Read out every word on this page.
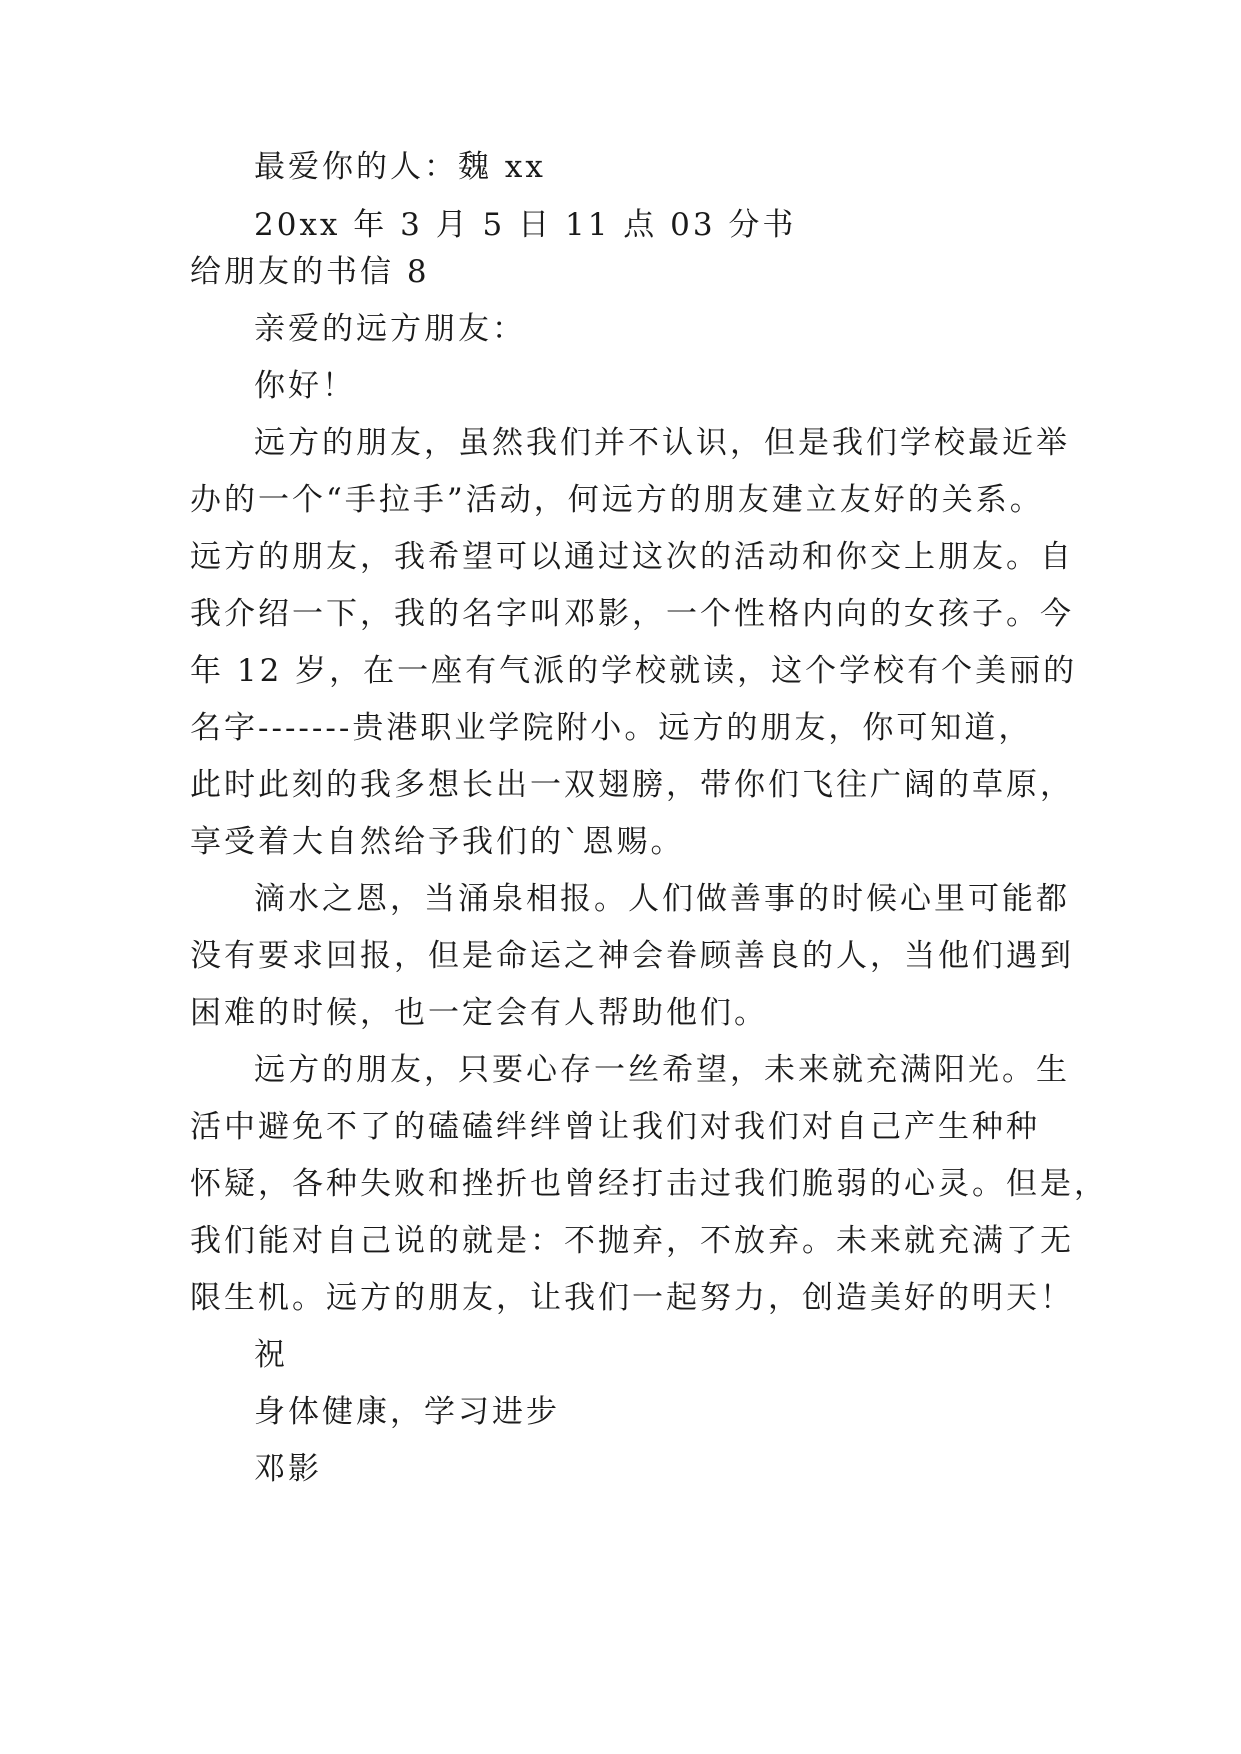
最爱你的人：魏 xx
20xx 年 3 月 5 日 11 点 03 分书
给朋友的书信 8
亲爱的远方朋友：
你好！
远方的朋友，虽然我们并不认识，但是我们学校最近举
办的一个“手拉手”活动，何远方的朋友建立友好的关系。
远方的朋友，我希望可以通过这次的活动和你交上朋友。自
我介绍一下，我的名字叫邓影，一个性格内向的女孩子。今
年 12 岁，在一座有气派的学校就读，这个学校有个美丽的
名字-------贵港职业学院附小。远方的朋友，你可知道，
此时此刻的我多想长出一双翅膀，带你们飞往广阔的草原，
享受着大自然给予我们的`恩赐。
滴水之恩，当涌泉相报。人们做善事的时候心里可能都
没有要求回报，但是命运之神会眷顾善良的人，当他们遇到
困难的时候，也一定会有人帮助他们。
远方的朋友，只要心存一丝希望，未来就充满阳光。生
活中避免不了的磕磕绊绊曾让我们对我们对自己产生种种
怀疑，各种失败和挫折也曾经打击过我们脆弱的心灵。但是，
我们能对自己说的就是：不抛弃，不放弃。未来就充满了无
限生机。远方的朋友，让我们一起努力，创造美好的明天！
祝
身体健康，学习进步
邓影
